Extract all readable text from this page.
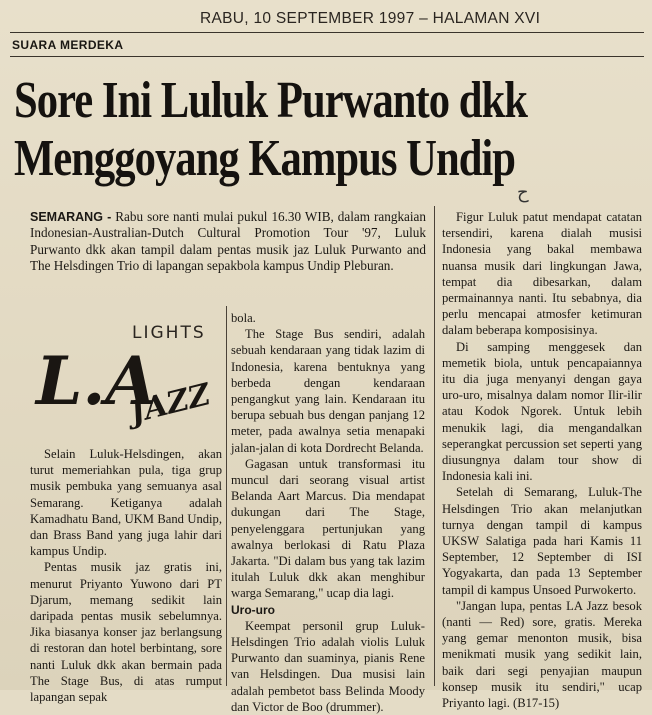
RABU, 10 SEPTEMBER 1997 – HALAMAN XVI
SUARA MERDEKA
Sore Ini Luluk Purwanto dkk
Menggoyang Kampus Undip
ح

SEMARANG - Rabu sore nanti mulai pukul 16.30 WIB, dalam rangkaian Indonesian-Australian-Dutch Cultural Promotion Tour '97, Luluk Purwanto dkk akan tampil dalam pentas musik jaz Luluk Purwanto and The Helsdingen Trio di lapangan sepakbola kampus Undip Pleburan.

L.A
LIGHTS
JAZZ

Selain Luluk-Helsdingen, akan turut memeriahkan pula, tiga grup musik pembuka yang semuanya asal Semarang. Ketiganya adalah Kamadhatu Band, UKM Band Undip, dan Brass Band yang juga lahir dari kampus Undip.

Pentas musik jaz gratis ini, menurut Priyanto Yuwono dari PT Djarum, memang sedikit lain daripada pentas musik sebelumnya. Jika biasanya konser jaz berlangsung di restoran dan hotel berbintang, sore nanti Luluk dkk akan bermain pada The Stage Bus, di atas rumput lapangan sepak

bola.

The Stage Bus sendiri, adalah sebuah kendaraan yang tidak lazim di Indonesia, karena bentuknya yang berbeda dengan kendaraan pengangkut yang lain. Kendaraan itu berupa sebuah bus dengan panjang 12 meter, pada awalnya setia menapaki jalan-jalan di kota Dordrecht Belanda.

Gagasan untuk transformasi itu muncul dari seorang visual artist Belanda Aart Marcus. Dia mendapat dukungan dari The Stage, penyelenggara pertunjukan yang awalnya berlokasi di Ratu Plaza Jakarta. "Di dalam bus yang tak lazim itulah Luluk dkk akan menghibur warga Semarang," ucap dia lagi.

Uro-uro

Keempat personil grup Luluk-Helsdingen Trio adalah violis Luluk Purwanto dan suaminya, pianis Rene van Helsdingen. Dua musisi lain adalah pembetot bass Belinda Moody dan Victor de Boo (drummer).

Figur Luluk patut mendapat catatan tersendiri, karena dialah musisi Indonesia yang bakal membawa nuansa musik dari lingkungan Jawa, tempat dia dibesarkan, dalam permainannya nanti. Itu sebabnya, dia perlu mencapai atmosfer ketimuran dalam beberapa komposisinya.

Di samping menggesek dan memetik biola, untuk pencapaiannya itu dia juga menyanyi dengan gaya uro-uro, misalnya dalam nomor Ilir-ilir atau Kodok Ngorek. Untuk lebih menukik lagi, dia mengandalkan seperangkat percussion set seperti yang diusungnya dalam tour show di Indonesia kali ini.

Setelah di Semarang, Luluk-The Helsdingen Trio akan melanjutkan turnya dengan tampil di kampus UKSW Salatiga pada hari Kamis 11 September, 12 September di ISI Yogyakarta, dan pada 13 September tampil di kampus Unsoed Purwokerto.

"Jangan lupa, pentas LA Jazz besok (nanti — Red) sore, gratis. Mereka yang gemar menonton musik, bisa menikmati musik yang sedikit lain, baik dari segi penyajian maupun konsep musik itu sendiri," ucap Priyanto lagi. (B17-15)
